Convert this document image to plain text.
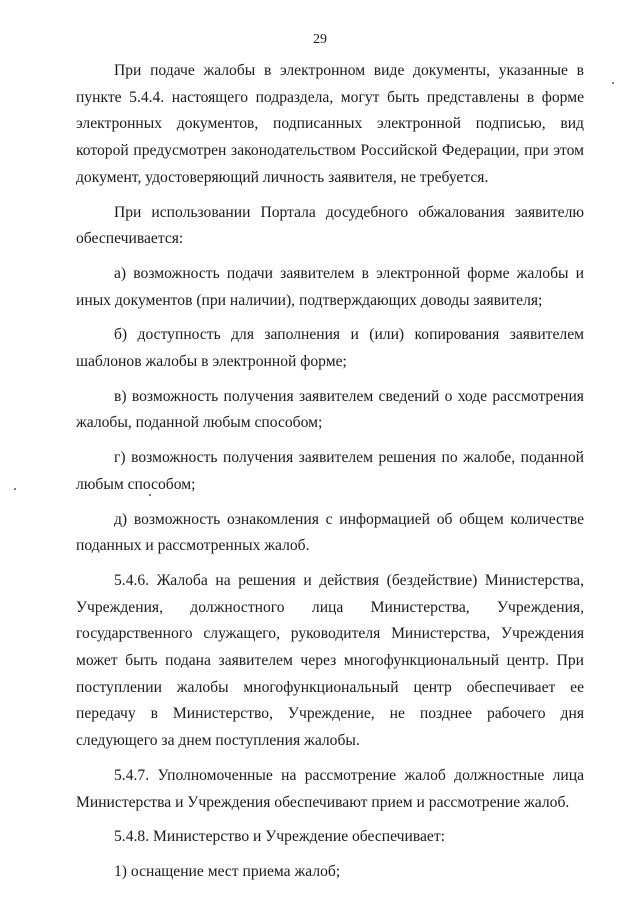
29

При подаче жалобы в электронном виде документы, указанные в пункте 5.4.4. настоящего подраздела, могут быть представлены в форме электронных документов, подписанных электронной подписью, вид которой предусмотрен законодательством Российской Федерации, при этом документ, удостоверяющий личность заявителя, не требуется.

При использовании Портала досудебного обжалования заявителю обеспечивается:

а) возможность подачи заявителем в электронной форме жалобы и иных документов (при наличии), подтверждающих доводы заявителя;

б) доступность для заполнения и (или) копирования заявителем шаблонов жалобы в электронной форме;

в) возможность получения заявителем сведений о ходе рассмотрения жалобы, поданной любым способом;

г) возможность получения заявителем решения по жалобе, поданной любым способом;

д) возможность ознакомления с информацией об общем количестве поданных и рассмотренных жалоб.

5.4.6. Жалоба на решения и действия (бездействие) Министерства, Учреждения, должностного лица Министерства, Учреждения, государственного служащего, руководителя Министерства, Учреждения может быть подана заявителем через многофункциональный центр. При поступлении жалобы многофункциональный центр обеспечивает ее передачу в Министерство, Учреждение, не позднее рабочего дня следующего за днем поступления жалобы.

5.4.7. Уполномоченные на рассмотрение жалоб должностные лица Министерства и Учреждения обеспечивают прием и рассмотрение жалоб.

5.4.8. Министерство и Учреждение обеспечивает:

1) оснащение мест приема жалоб;
